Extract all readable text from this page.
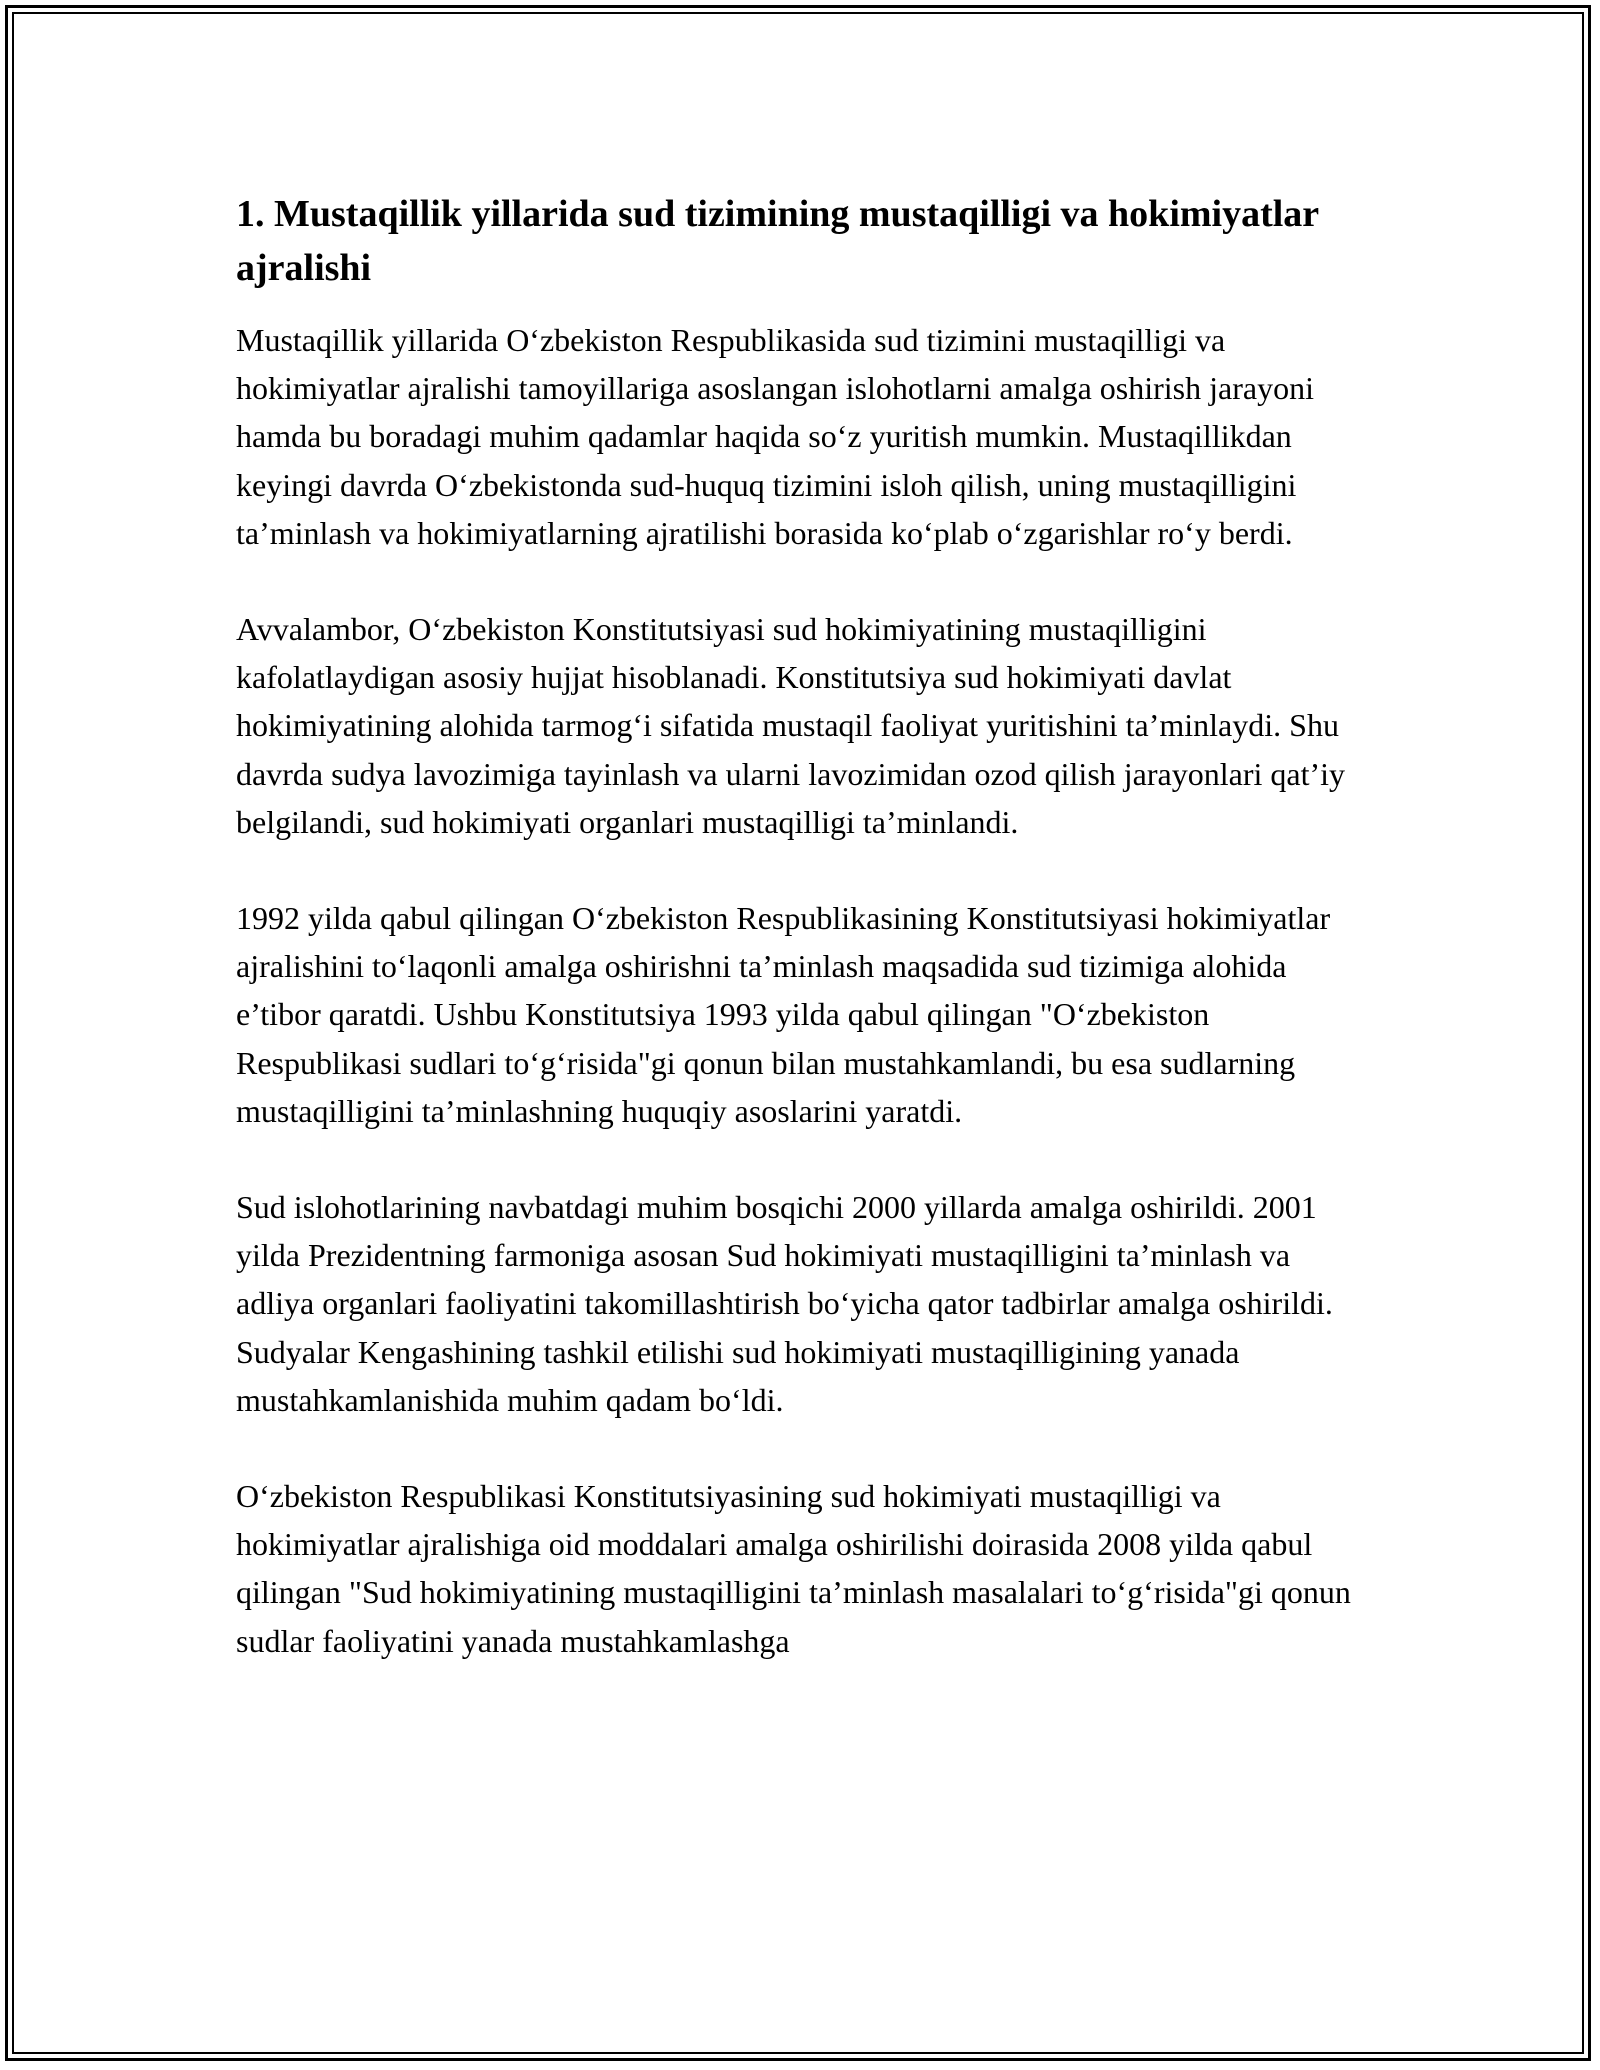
1. Mustaqillik yillarida sud tizimining mustaqilligi va hokimiyatlar ajralishi

Mustaqillik yillarida O‘zbekiston Respublikasida sud tizimini mustaqilligi va hokimiyatlar ajralishi tamoyillariga asoslangan islohotlarni amalga oshirish jarayoni hamda bu boradagi muhim qadamlar haqida so‘z yuritish mumkin. Mustaqillikdan keyingi davrda O‘zbekistonda sud-huquq tizimini isloh qilish, uning mustaqilligini ta’minlash va hokimiyatlarning ajratilishi borasida ko‘plab o‘zgarishlar ro‘y berdi.

Avvalambor, O‘zbekiston Konstitutsiyasi sud hokimiyatining mustaqilligini kafolatlaydigan asosiy hujjat hisoblanadi. Konstitutsiya sud hokimiyati davlat hokimiyatining alohida tarmog‘i sifatida mustaqil faoliyat yuritishini ta’minlaydi. Shu davrda sudya lavozimiga tayinlash va ularni lavozimidan ozod qilish jarayonlari qat’iy belgilandi, sud hokimiyati organlari mustaqilligi ta’minlandi.

1992 yilda qabul qilingan O‘zbekiston Respublikasining Konstitutsiyasi hokimiyatlar ajralishini to‘laqonli amalga oshirishni ta’minlash maqsadida sud tizimiga alohida e’tibor qaratdi. Ushbu Konstitutsiya 1993 yilda qabul qilingan "O‘zbekiston Respublikasi sudlari to‘g‘risida"gi qonun bilan mustahkamlandi, bu esa sudlarning mustaqilligini ta’minlashning huquqiy asoslarini yaratdi.

Sud islohotlarining navbatdagi muhim bosqichi 2000 yillarda amalga oshirildi. 2001 yilda Prezidentning farmoniga asosan Sud hokimiyati mustaqilligini ta’minlash va adliya organlari faoliyatini takomillashtirish bo‘yicha qator tadbirlar amalga oshirildi. Sudyalar Kengashining tashkil etilishi sud hokimiyati mustaqilligining yanada mustahkamlanishida muhim qadam bo‘ldi.

O‘zbekiston Respublikasi Konstitutsiyasining sud hokimiyati mustaqilligi va hokimiyatlar ajralishiga oid moddalari amalga oshirilishi doirasida 2008 yilda qabul qilingan "Sud hokimiyatining mustaqilligini ta’minlash masalalari to‘g‘risida"gi qonun sudlar faoliyatini yanada mustahkamlashga
